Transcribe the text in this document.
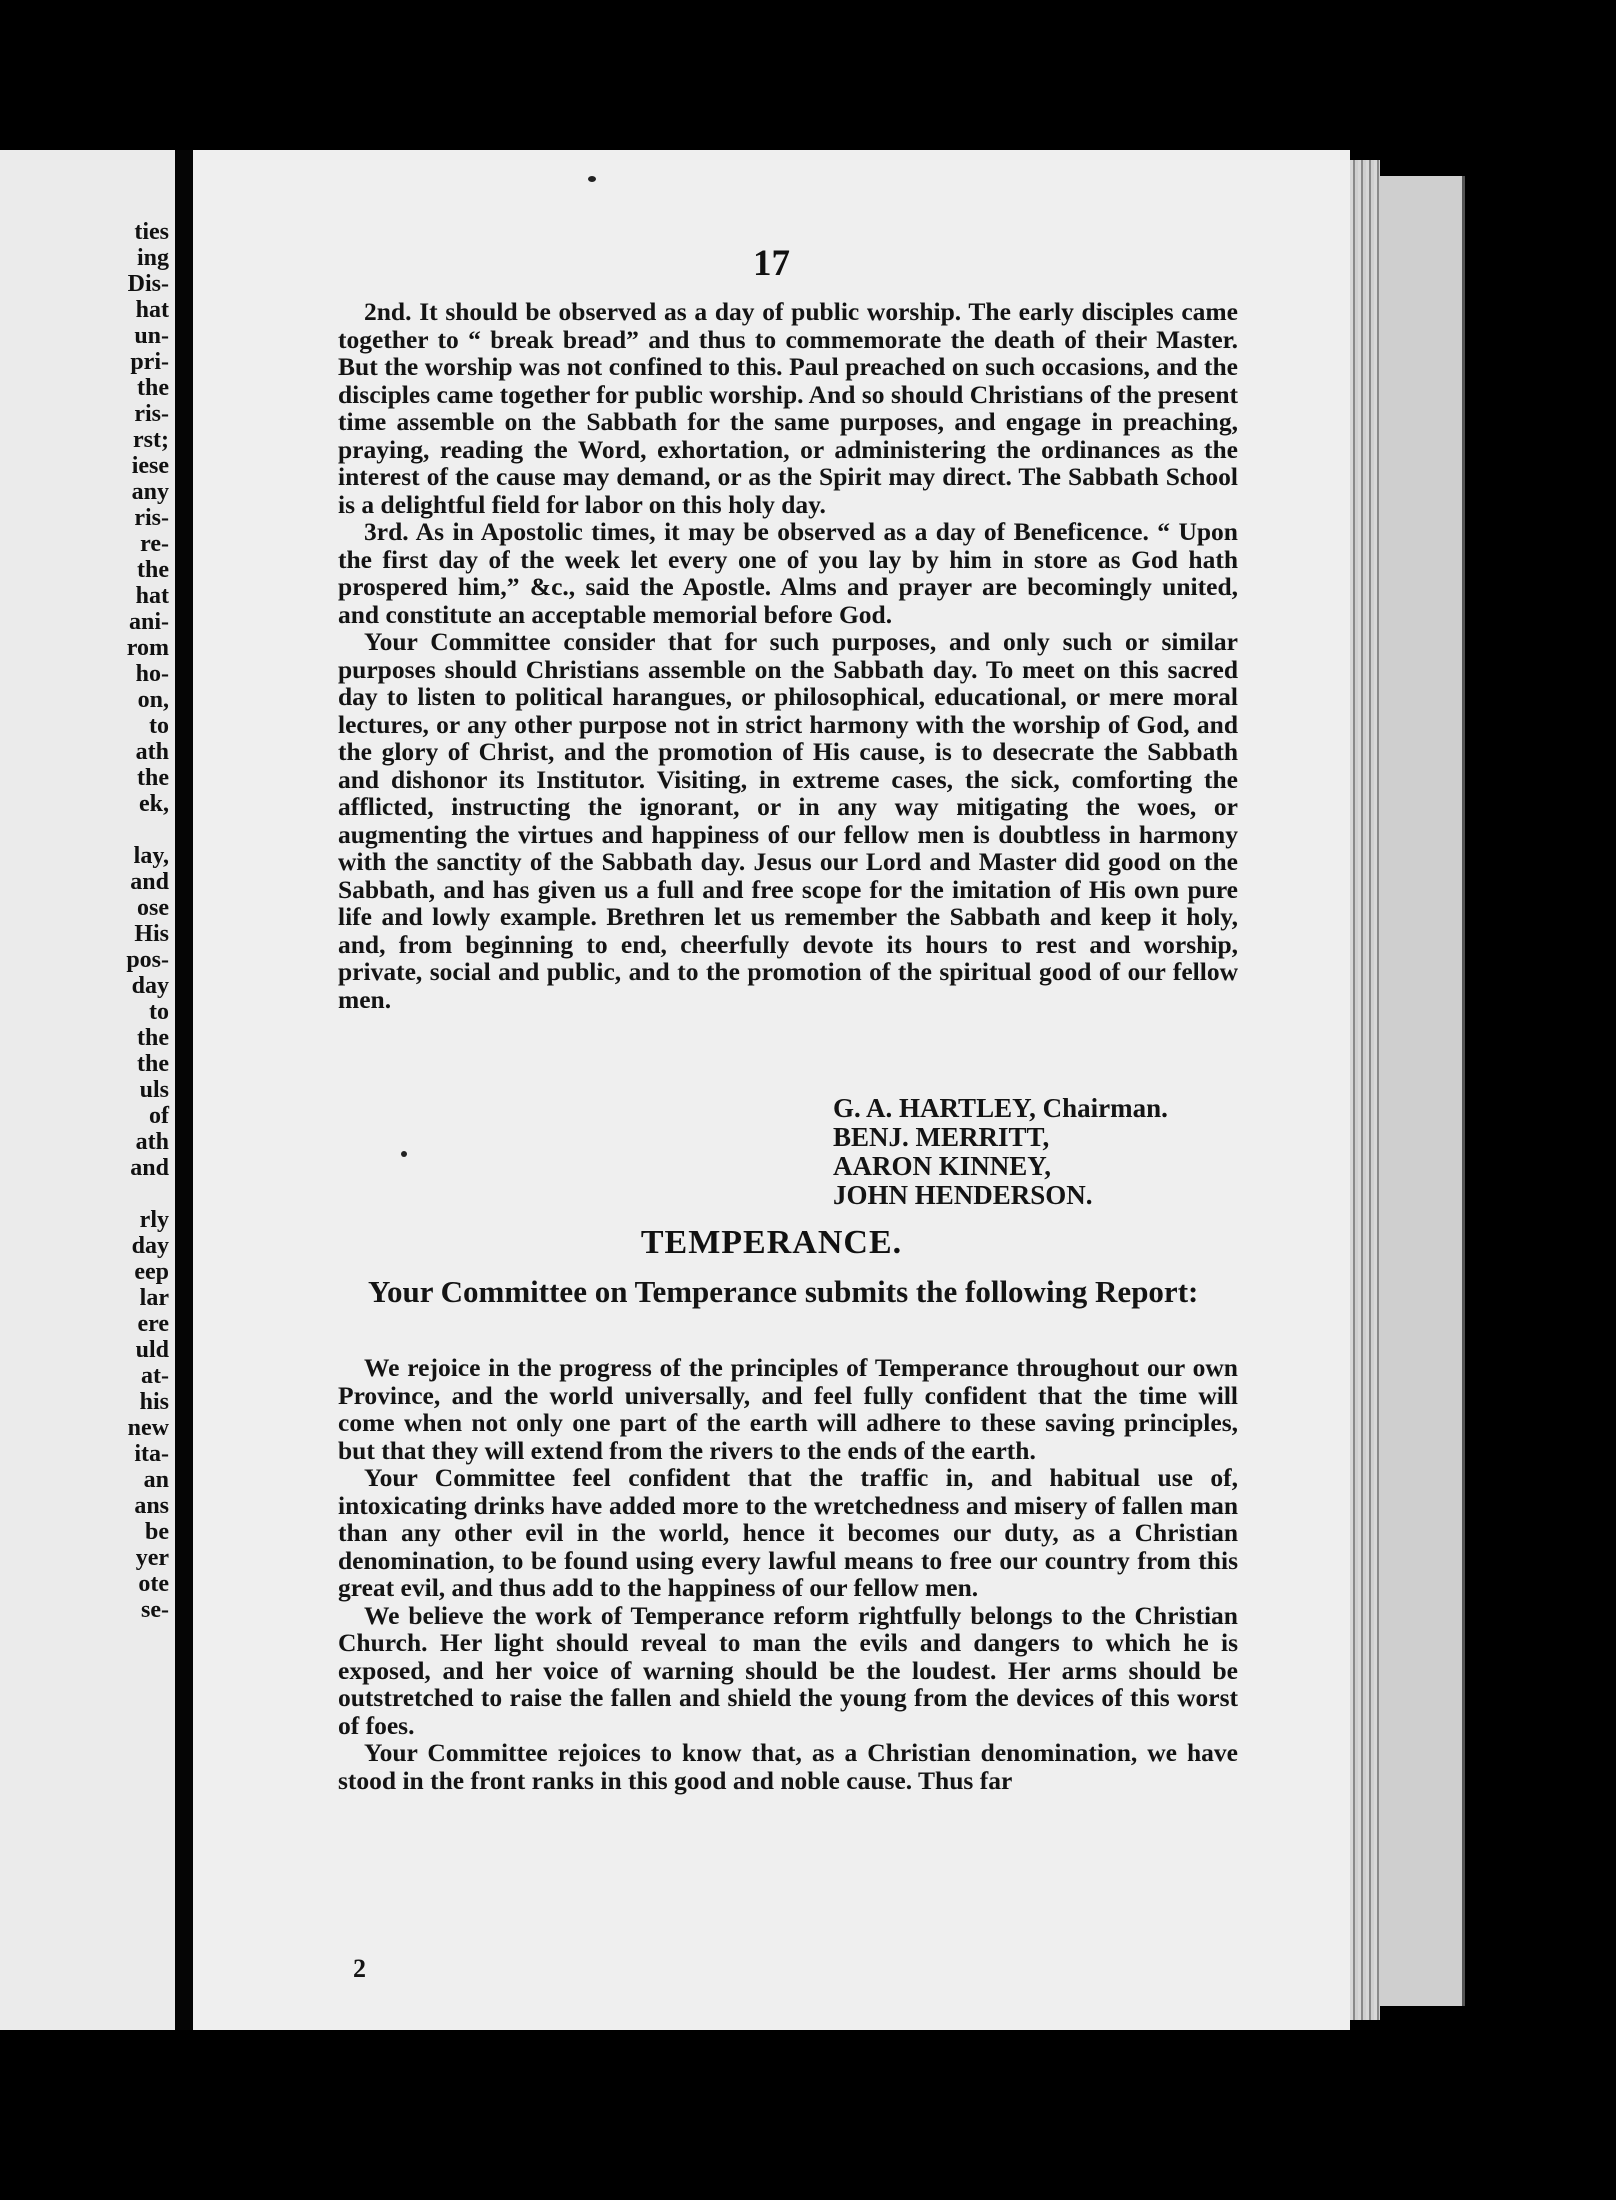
ties
ing
Dis-
hat
un-
pri-
the
ris-
rst;
iese
any
ris-
re-
the
hat
ani-
rom
ho-
on,
to
ath
the
ek,
lay,
and
ose
His
pos-
day
to
the
the
uls
of
ath
and
rly
day
eep
lar
ere
uld
at-
his
new
ita-
an
ans
be
yer
ote
se-
17

2nd. It should be observed as a day of public worship. The early disciples came together to “ break bread” and thus to commemorate the death of their Master. But the worship was not confined to this. Paul preached on such occasions, and the disciples came together for public worship. And so should Christians of the present time assemble on the Sabbath for the same purposes, and engage in preaching, praying, reading the Word, exhortation, or administering the ordinances as the interest of the cause may demand, or as the Spirit may direct. The Sabbath School is a delightful field for labor on this holy day.

3rd. As in Apostolic times, it may be observed as a day of Beneficence. “ Upon the first day of the week let every one of you lay by him in store as God hath prospered him,” &c., said the Apostle. Alms and prayer are becomingly united, and constitute an acceptable memorial before God.

Your Committee consider that for such purposes, and only such or similar purposes should Christians assemble on the Sabbath day. To meet on this sacred day to listen to political harangues, or philosophical, educational, or mere moral lectures, or any other purpose not in strict harmony with the worship of God, and the glory of Christ, and the promotion of His cause, is to desecrate the Sabbath and dishonor its Institutor. Visiting, in extreme cases, the sick, comforting the afflicted, instructing the ignorant, or in any way mitigating the woes, or augmenting the virtues and happiness of our fellow men is doubtless in harmony with the sanctity of the Sabbath day. Jesus our Lord and Master did good on the Sabbath, and has given us a full and free scope for the imitation of His own pure life and lowly example. Brethren let us remember the Sabbath and keep it holy, and, from beginning to end, cheerfully devote its hours to rest and worship, private, social and public, and to the promotion of the spiritual good of our fellow men.

G. A. HARTLEY, Chairman.
BENJ. MERRITT,
AARON KINNEY,
JOHN HENDERSON.
TEMPERANCE.

Your Committee on Temperance submits the following Report:

We rejoice in the progress of the principles of Temperance throughout our own Province, and the world universally, and feel fully confident that the time will come when not only one part of the earth will adhere to these saving principles, but that they will extend from the rivers to the ends of the earth.

Your Committee feel confident that the traffic in, and habitual use of, intoxicating drinks have added more to the wretchedness and misery of fallen man than any other evil in the world, hence it becomes our duty, as a Christian denomination, to be found using every lawful means to free our country from this great evil, and thus add to the happiness of our fellow men.

We believe the work of Temperance reform rightfully belongs to the Christian Church. Her light should reveal to man the evils and dangers to which he is exposed, and her voice of warning should be the loudest. Her arms should be outstretched to raise the fallen and shield the young from the devices of this worst of foes.

Your Committee rejoices to know that, as a Christian denomination, we have stood in the front ranks in this good and noble cause. Thus far

2
